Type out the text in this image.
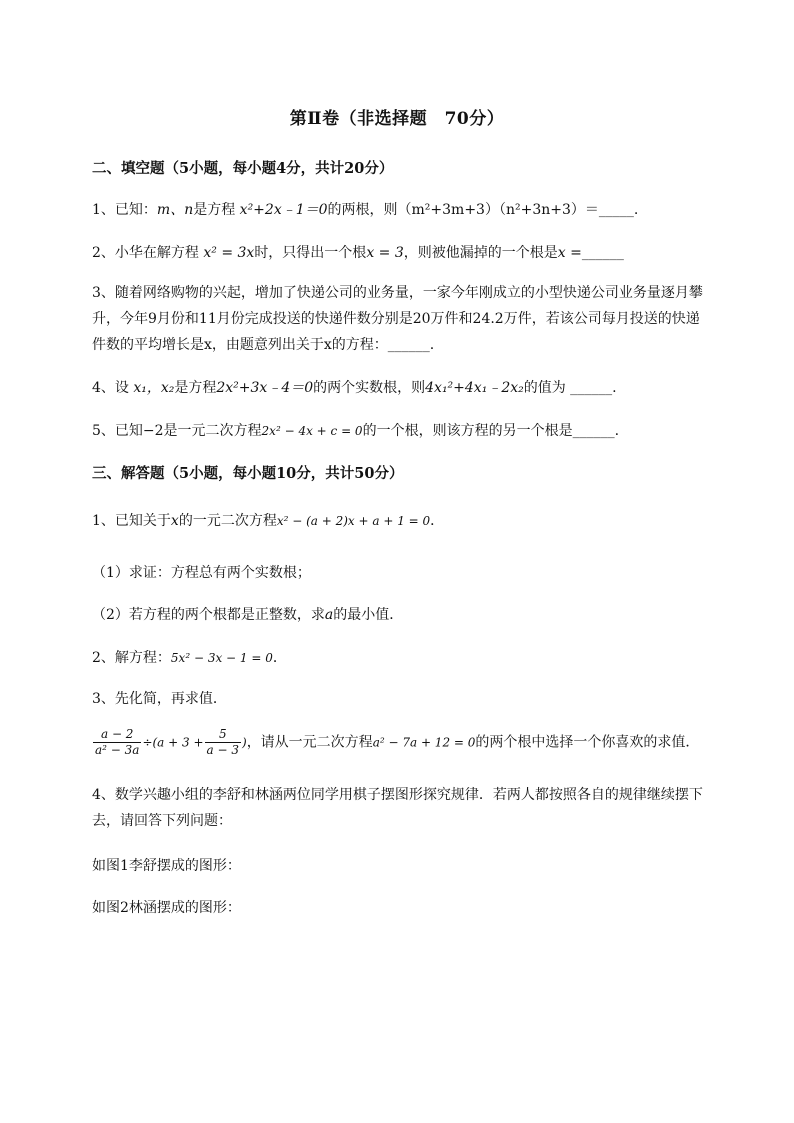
第Ⅱ卷（非选择题　70分）
二、填空题（5小题，每小题4分，共计20分）
1、已知：m、n是方程 x²+2x﹣1＝0的两根，则（m²+3m+3）（n²+3n+3）＝_____.
2、小华在解方程 x² = 3x时，只得出一个根x = 3，则被他漏掉的一个根是x =______
3、随着网络购物的兴起，增加了快递公司的业务量，一家今年刚成立的小型快递公司业务量逐月攀升，今年9月份和11月份完成投送的快递件数分别是20万件和24.2万件，若该公司每月投送的快递件数的平均增长是x，由题意列出关于x的方程：______.
4、设 x₁，x₂是方程2x²+3x﹣4＝0的两个实数根，则4x₁²+4x₁﹣2x₂的值为 ______.
5、已知−2是一元二次方程2x² − 4x + c = 0的一个根，则该方程的另一个根是______.
三、解答题（5小题，每小题10分，共计50分）
1、已知关于x的一元二次方程x² − (a + 2)x + a + 1 = 0．
（1）求证：方程总有两个实数根；
（2）若方程的两个根都是正整数，求a的最小值．
2、解方程：5x² − 3x − 1 = 0．
3、先化简，再求值．
$\frac{a - 2}{\text{a² − 3a}} \div(a + 3 + \frac{5}{a - 3}$ )，请从一元二次方程a² − 7a + 12 = 0的两个根中选择一个你喜欢的求值．
4、数学兴趣小组的李舒和林涵两位同学用棋子摆图形探究规律．若两人都按照各自的规律继续摆下去，请回答下列问题：
如图1李舒摆成的图形：
如图2林涵摆成的图形：
